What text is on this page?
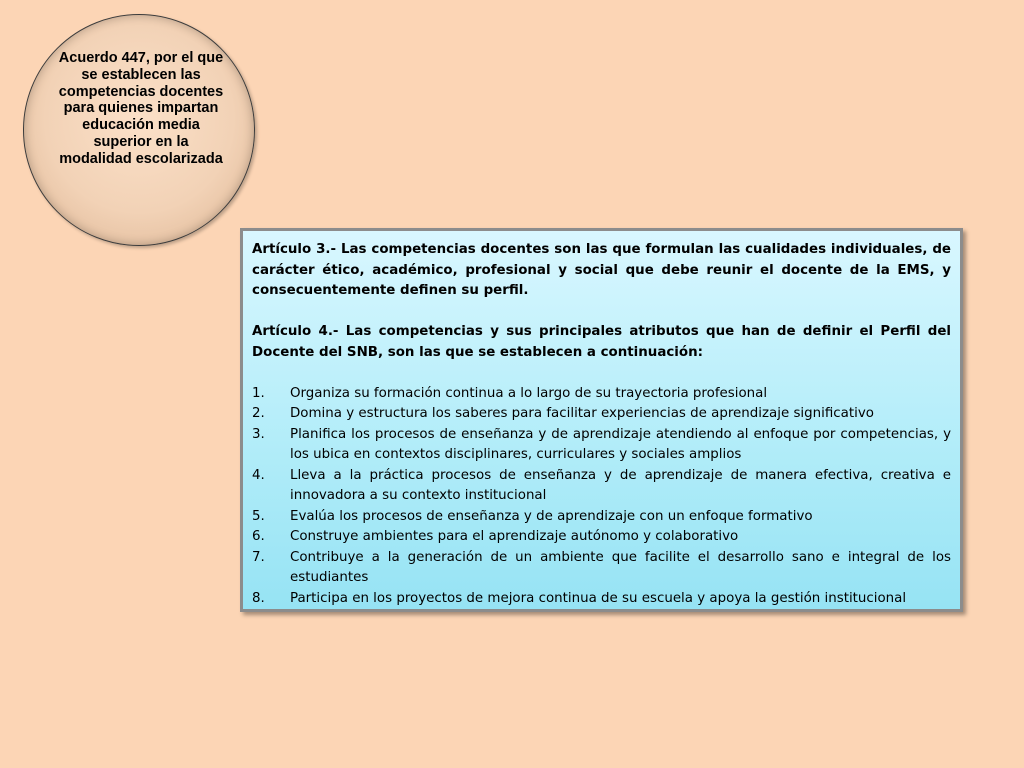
Acuerdo 447, por el que se establecen las competencias docentes para quienes impartan educación media superior en la modalidad escolarizada

Artículo 3.- Las competencias docentes son las que formulan las cualidades individuales, de carácter ético, académico, profesional y social que debe reunir el docente de la EMS, y consecuentemente definen su perfil.

Artículo 4.- Las competencias y sus principales atributos que han de definir el Perfil del Docente del SNB, son las que se establecen a continuación:

1.	Organiza su formación continua a lo largo de su trayectoria profesional
2.	Domina y estructura los saberes para facilitar experiencias de aprendizaje significativo
3.	Planifica los procesos de enseñanza y de aprendizaje atendiendo al enfoque por competencias, y los ubica en contextos disciplinares, curriculares y sociales amplios
4.	Lleva a la práctica procesos de enseñanza y de aprendizaje de manera efectiva, creativa e innovadora a su contexto institucional
5.	Evalúa los procesos de enseñanza y de aprendizaje con un enfoque formativo
6.	Construye ambientes para el aprendizaje autónomo y colaborativo
7.	Contribuye a la generación de un ambiente que facilite el desarrollo sano e integral de los estudiantes
8.	Participa en los proyectos de mejora continua de su escuela y apoya la gestión institucional
